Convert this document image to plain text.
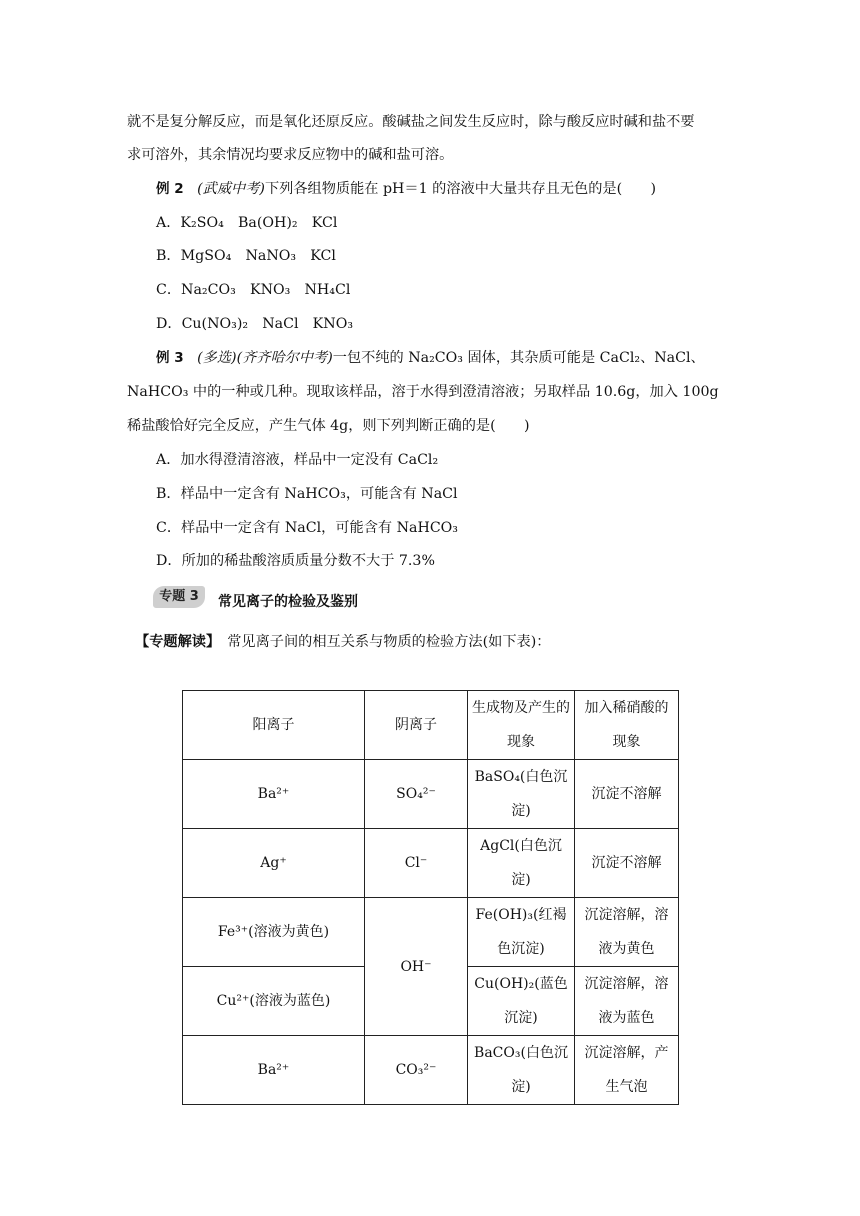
就不是复分解反应，而是氧化还原反应。酸碱盐之间发生反应时，除与酸反应时碱和盐不要
求可溶外，其余情况均要求反应物中的碱和盐可溶。
例 2 (武威中考)下列各组物质能在 pH＝1 的溶液中大量共存且无色的是(　　)
A．K₂SO₄　Ba(OH)₂　KCl
B．MgSO₄　NaNO₃　KCl
C．Na₂CO₃　KNO₃　NH₄Cl
D．Cu(NO₃)₂　NaCl　KNO₃
例 3 (多选)(齐齐哈尔中考)一包不纯的 Na₂CO₃ 固体，其杂质可能是 CaCl₂、NaCl、
NaHCO₃ 中的一种或几种。现取该样品，溶于水得到澄清溶液；另取样品 10.6g，加入 100g
稀盐酸恰好完全反应，产生气体 4g，则下列判断正确的是(　　)
A．加水得澄清溶液，样品中一定没有 CaCl₂
B．样品中一定含有 NaHCO₃，可能含有 NaCl
C．样品中一定含有 NaCl，可能含有 NaHCO₃
D．所加的稀盐酸溶质质量分数不大于 7.3%
专题 3	常见离子的检验及鉴别
【专题解读】　常见离子间的相互关系与物质的检验方法(如下表)：
阳离子	阴离子	生成物及产生的现象	加入稀硝酸的现象
Ba²⁺	SO₄²⁻	BaSO₄(白色沉淀)	沉淀不溶解
Ag⁺	Cl⁻	AgCl(白色沉淀)	沉淀不溶解
Fe³⁺(溶液为黄色)	OH⁻	Fe(OH)₃(红褐色沉淀)	沉淀溶解，溶液为黄色
Cu²⁺(溶液为蓝色)		Cu(OH)₂(蓝色沉淀)	沉淀溶解，溶液为蓝色
Ba²⁺	CO₃²⁻	BaCO₃(白色沉淀)	沉淀溶解，产生气泡
